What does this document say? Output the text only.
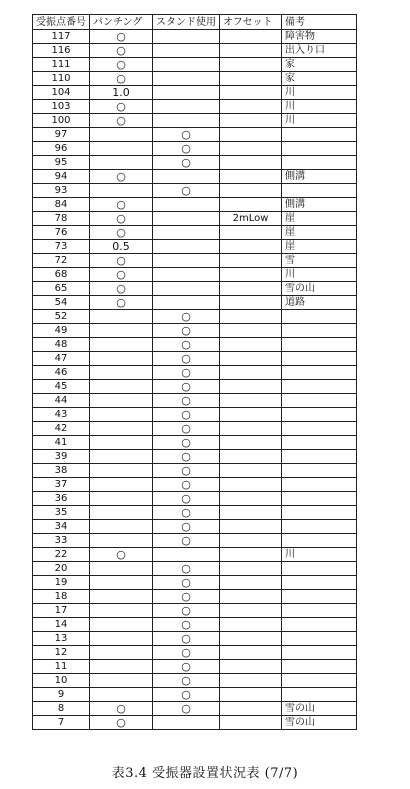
受振点番号	パンチング	スタンド使用	オフセット	備考
117	○			障害物
116	○			出入り口
111	○			家
110	○			家
104	1.0			川
103	○			川
100	○			川
97		○		
96		○		
95		○		
94	○			側溝
93		○		
84	○			側溝
78	○		2mLow	崖
76	○			崖
73	0.5			崖
72	○			雪
68	○			川
65	○			雪の山
54	○			道路
52		○		
49		○		
48		○		
47		○		
46		○		
45		○		
44		○		
43		○		
42		○		
41		○		
39		○		
38		○		
37		○		
36		○		
35		○		
34		○		
33		○		
22	○			川
20		○		
19		○		
18		○		
17		○		
14		○		
13		○		
12		○		
11		○		
10		○		
9		○		
8	○	○		雪の山
7	○			雪の山
表3.4 受振器設置状況表 (7/7)
